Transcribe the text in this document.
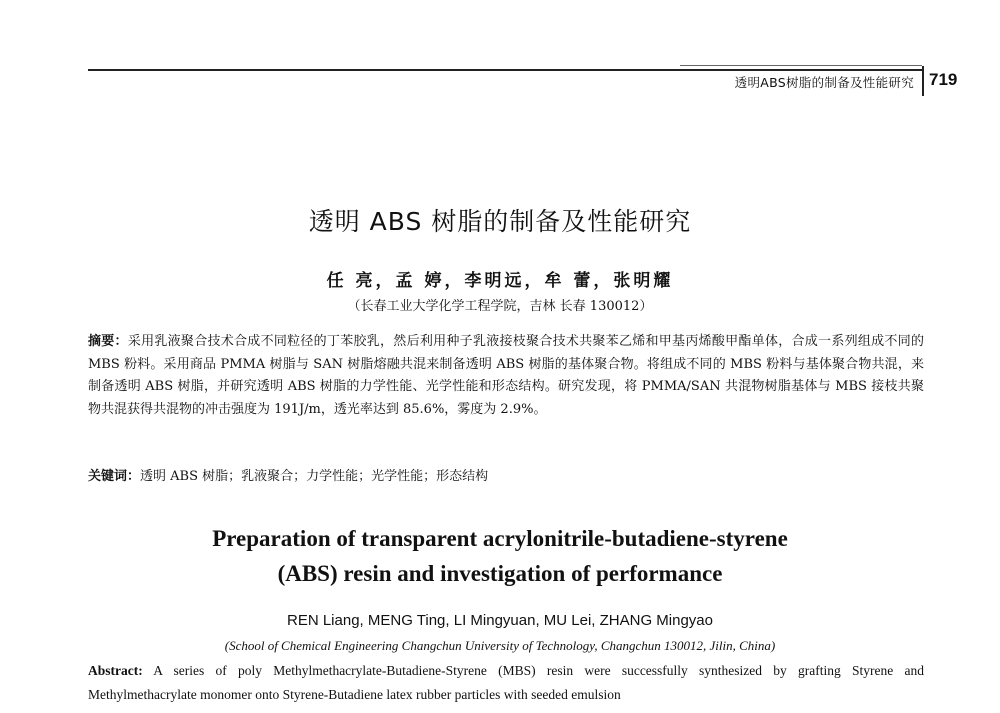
透明ABS树脂的制备及性能研究 719
透明 ABS 树脂的制备及性能研究
任 亮，孟 婷，李明远，牟 蕾，张明耀
（长春工业大学化学工程学院，吉林 长春 130012）
摘要：采用乳液聚合技术合成不同粒径的丁苯胶乳，然后利用种子乳液接枝聚合技术共聚苯乙烯和甲基丙烯酸甲酯单体，合成一系列组成不同的 MBS 粉料。采用商品 PMMA 树脂与 SAN 树脂熔融共混来制备透明 ABS 树脂的基体聚合物。将组成不同的 MBS 粉料与基体聚合物共混，来制备透明 ABS 树脂，并研究透明 ABS 树脂的力学性能、光学性能和形态结构。研究发现，将 PMMA/SAN 共混物树脂基体与 MBS 接枝共聚物共混获得共混物的冲击强度为 191J/m，透光率达到 85.6%，雾度为 2.9%。
关键词：透明 ABS 树脂；乳液聚合；力学性能；光学性能；形态结构
Preparation of transparent acrylonitrile-butadiene-styrene
(ABS) resin and investigation of performance
REN Liang, MENG Ting, LI Mingyuan, MU Lei, ZHANG Mingyao
(School of Chemical Engineering Changchun University of Technology, Changchun 130012, Jilin, China)
Abstract: A series of poly Methylmethacrylate-Butadiene-Styrene (MBS) resin were successfully synthesized by grafting Styrene and Methylmethacrylate monomer onto Styrene-Butadiene latex rubber particles with seeded emulsion
